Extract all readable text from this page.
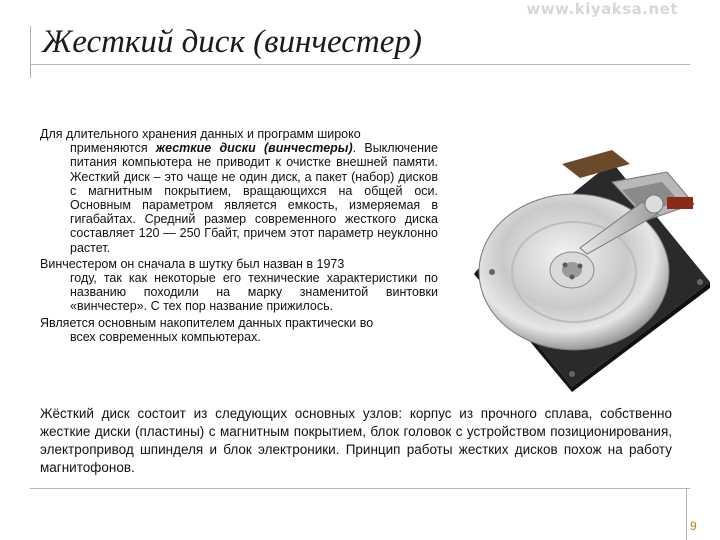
www.kiyaksa.net
Жесткий диск (винчестер)

Для длительного хранения данных и программ широко
применяются жесткие диски (винчестеры). Выключение питания компьютера не приводит к очистке внешней памяти. Жесткий диск – это чаще не один диск, а пакет (набор) дисков с магнитным покрытием, вращающихся на общей оси. Основным параметром является емкость, измеряемая в гигабайтах. Средний размер современного жесткого диска составляет 120 — 250 Гбайт, причем этот параметр неуклонно растет.

Винчестером он сначала в шутку был назван в 1973
году, так как некоторые его технические характеристики по названию походили на марку знаменитой винтовки «винчестер». С тех пор название прижилось.

Является основным накопителем данных практически во
всех современных компьютерах.

Жёсткий диск состоит из следующих основных узлов: корпус из прочного сплава, собственно жесткие диски (пластины) с магнитным покрытием, блок головок с устройством позиционирования, электропривод шпинделя и блок электроники. Принцип работы жестких дисков похож на работу магнитофонов.
9
